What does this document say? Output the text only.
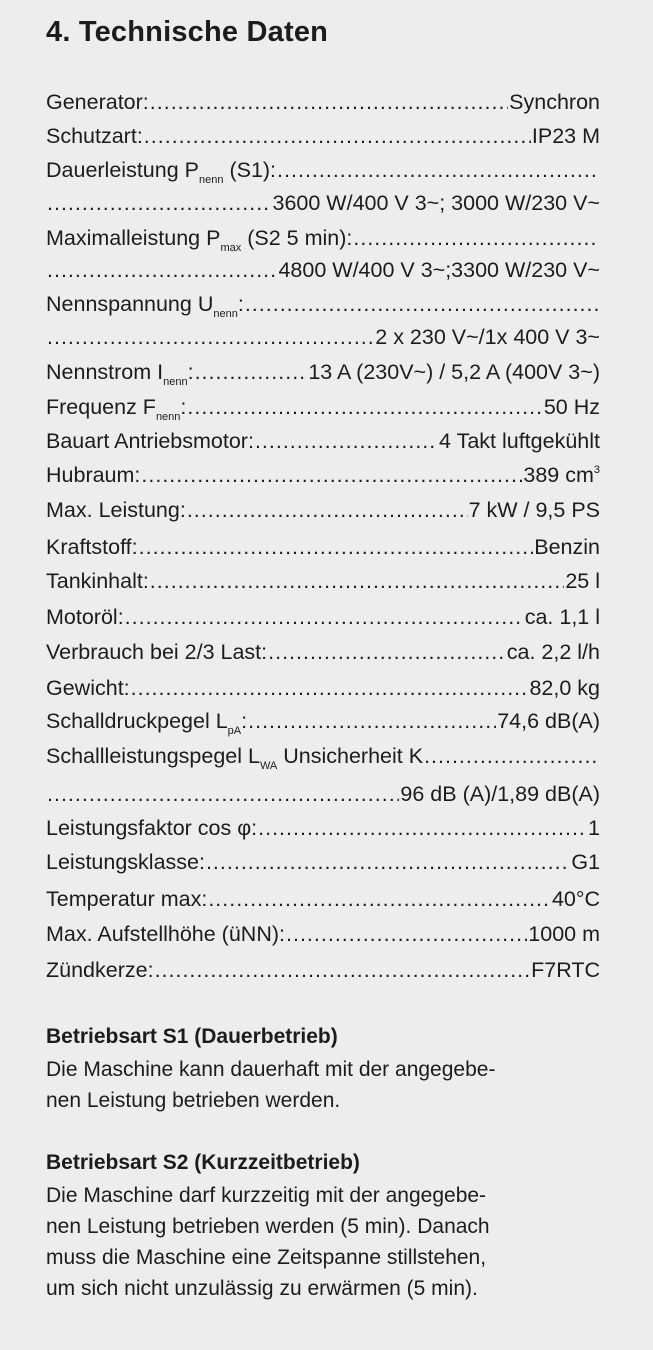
4. Technische Daten
Generator: .....	Synchron
Schutzart: .....	IP23 M
Dauerleistung $P_{nenn}$ (S1):
.....
.....
3600 W/400 V 3~; 3000 W/230 V~
Maximalleistung $P_{max}$ (S2 5 min):
.....
.....
4800 W/400 V 3~;3300 W/230 V~
Nennspannung $U_{nenn}$:
.....
.....
2 x 230 V~/1x 400 V 3~
Nennstrom $I_{nenn}$: .....	13 A (230V~) / 5,2 A (400V 3~)
Frequenz $F_{nenn}$: .....	50 Hz
Bauart Antriebsmotor: .....	4 Takt luftgekühlt
Hubraum: .....	389 $cm^3$
Max. Leistung: .....	7 kW / 9,5 PS
Kraftstoff: .....	Benzin
Tankinhalt: .....	25 l
Motoröl: .....	ca. 1,1 l
Verbrauch bei 2/3 Last: .....	ca. 2,2 l/h
Gewicht: .....	82,0 kg
Schalldruckpegel $L_{pA}$: .....	74,6 dB(A)
Schallleistungspegel $L_{WA}$ Unsicherheit K
.....
.....
96 dB (A)/1,89 dB(A)
Leistungsfaktor cos φ: .....	1
Leistungsklasse: .....	G1
Temperatur max: .....	40°C
Max. Aufstellhöhe (üNN): .....	1000 m
Zündkerze: .....	F7RTC
Betriebsart S1 (Dauerbetrieb)

Die Maschine kann dauerhaft mit der angegebe-
nen Leistung betrieben werden.

Betriebsart S2 (Kurzzeitbetrieb)

Die Maschine darf kurzzeitig mit der angegebe-
nen Leistung betrieben werden (5 min). Danach
muss die Maschine eine Zeitspanne stillstehen,
um sich nicht unzulässig zu erwärmen (5 min).
